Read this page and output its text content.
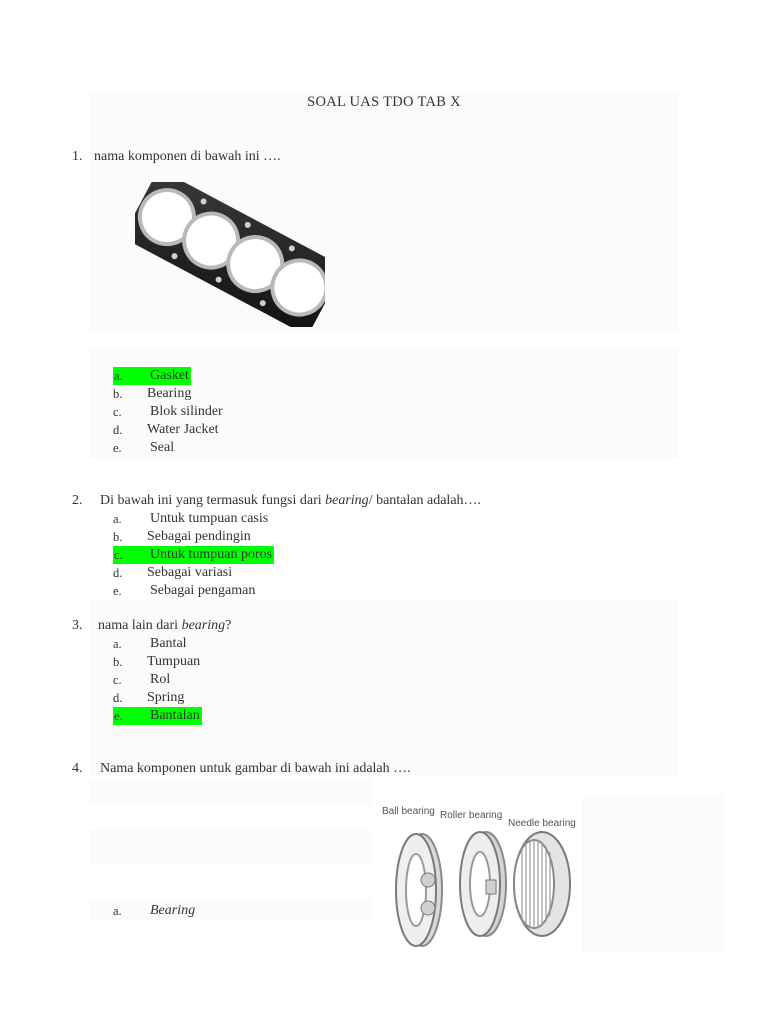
SOAL UAS TDO TAB X
1. nama komponen di bawah ini ….
a.	Gasket
b. Bearing
c. Blok silinder
d. Water Jacket
e. Seal
2. Di bawah ini yang termasuk fungsi dari bearing/ bantalan adalah….
a. Untuk tumpuan casis
b. Sebagai pendingin
c.	Untuk tumpuan poros
d. Sebagai variasi
e. Sebagai pengaman
3. nama lain dari bearing?
a. Bantal
b. Tumpuan
c. Rol
d. Spring
e.	Bantalan
4. Nama komponen untuk gambar di bawah ini adalah ….
Ball bearing Roller bearing
Needle bearing
a. Bearing
